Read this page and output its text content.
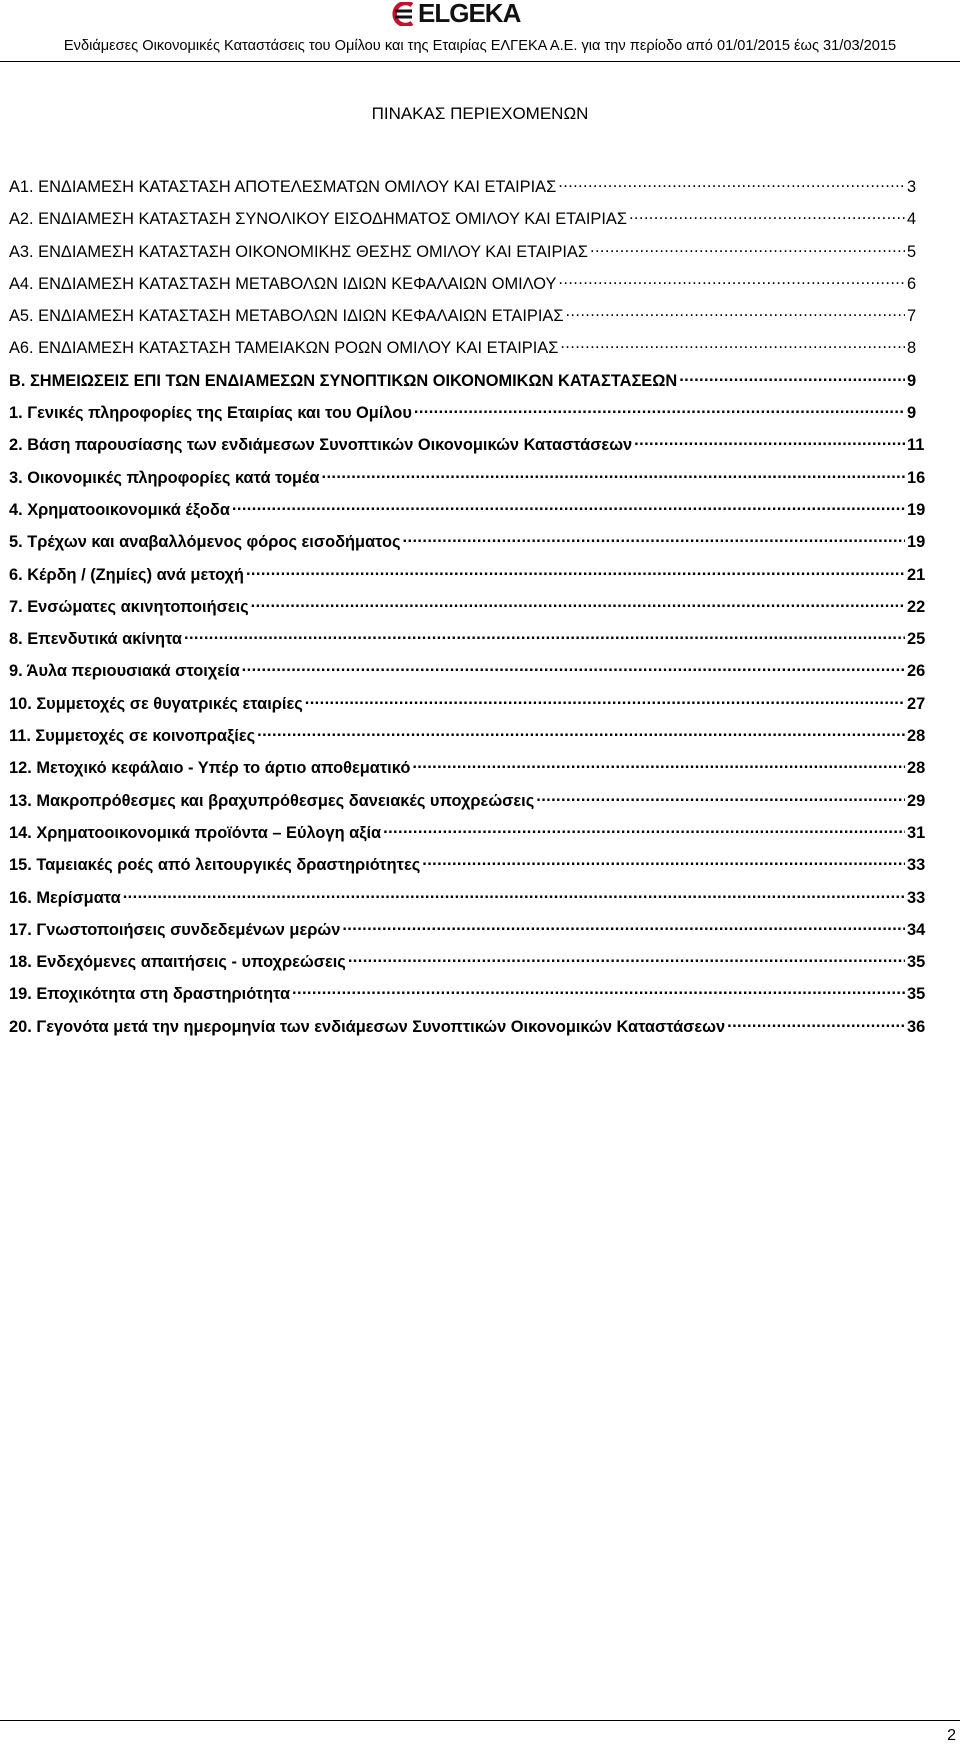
ELGEKA
Ενδιάμεσες Οικονομικές Καταστάσεις του Ομίλου και της Εταιρίας ΕΛΓΕΚΑ Α.Ε. για την περίοδο από 01/01/2015 έως 31/03/2015
ΠΙΝΑΚΑΣ ΠΕΡΙΕΧΟΜΕΝΩΝ
Α1. ΕΝΔΙΑΜΕΣΗ ΚΑΤΑΣΤΑΣΗ ΑΠΟΤΕΛΕΣΜΑΤΩΝ ΟΜΙΛΟΥ ΚΑΙ ΕΤΑΙΡΙΑΣ .....	3
Α2. ΕΝΔΙΑΜΕΣΗ ΚΑΤΑΣΤΑΣΗ ΣΥΝΟΛΙΚΟΥ ΕΙΣΟΔΗΜΑΤΟΣ ΟΜΙΛΟΥ ΚΑΙ ΕΤΑΙΡΙΑΣ .....	4
Α3. ΕΝΔΙΑΜΕΣΗ ΚΑΤΑΣΤΑΣΗ ΟΙΚΟΝΟΜΙΚΗΣ ΘΕΣΗΣ ΟΜΙΛΟΥ ΚΑΙ ΕΤΑΙΡΙΑΣ .....	5
Α4. ΕΝΔΙΑΜΕΣΗ ΚΑΤΑΣΤΑΣΗ ΜΕΤΑΒΟΛΩΝ ΙΔΙΩΝ ΚΕΦΑΛΑΙΩΝ ΟΜΙΛΟΥ .....	6
Α5. ΕΝΔΙΑΜΕΣΗ ΚΑΤΑΣΤΑΣΗ ΜΕΤΑΒΟΛΩΝ ΙΔΙΩΝ ΚΕΦΑΛΑΙΩΝ ΕΤΑΙΡΙΑΣ .....	7
Α6. ΕΝΔΙΑΜΕΣΗ ΚΑΤΑΣΤΑΣΗ ΤΑΜΕΙΑΚΩΝ ΡΟΩΝ ΟΜΙΛΟΥ ΚΑΙ ΕΤΑΙΡΙΑΣ .....	8
Β. ΣΗΜΕΙΩΣΕΙΣ ΕΠΙ ΤΩΝ ΕΝΔΙΑΜΕΣΩΝ ΣΥΝΟΠΤΙΚΩΝ ΟΙΚΟΝΟΜΙΚΩΝ ΚΑΤΑΣΤΑΣΕΩΝ .....	9
1. Γενικές πληροφορίες της Εταιρίας και του Ομίλου .....	9
2. Βάση παρουσίασης των ενδιάμεσων Συνοπτικών Οικονομικών Καταστάσεων .....	11
3. Οικονομικές πληροφορίες κατά τομέα .....	16
4. Χρηματοοικονομικά έξοδα .....	19
5. Τρέχων και αναβαλλόμενος φόρος εισοδήματος .....	19
6. Κέρδη / (Ζημίες) ανά μετοχή .....	21
7. Ενσώματες ακινητοποιήσεις .....	22
8. Επενδυτικά ακίνητα .....	25
9. Άυλα περιουσιακά στοιχεία .....	26
10. Συμμετοχές σε θυγατρικές εταιρίες .....	27
11. Συμμετοχές σε κοινοπραξίες .....	28
12. Μετοχικό κεφάλαιο - Υπέρ το άρτιο αποθεματικό .....	28
13. Μακροπρόθεσμες και βραχυπρόθεσμες δανειακές υποχρεώσεις .....	29
14. Χρηματοοικονομικά προϊόντα – Εύλογη αξία .....	31
15. Ταμειακές ροές από λειτουργικές δραστηριότητες .....	33
16. Μερίσματα .....	33
17. Γνωστοποιήσεις συνδεδεμένων μερών .....	34
18. Ενδεχόμενες απαιτήσεις - υποχρεώσεις .....	35
19. Εποχικότητα στη δραστηριότητα .....	35
20. Γεγονότα μετά την ημερομηνία των ενδιάμεσων Συνοπτικών Οικονομικών Καταστάσεων .....	36
2
